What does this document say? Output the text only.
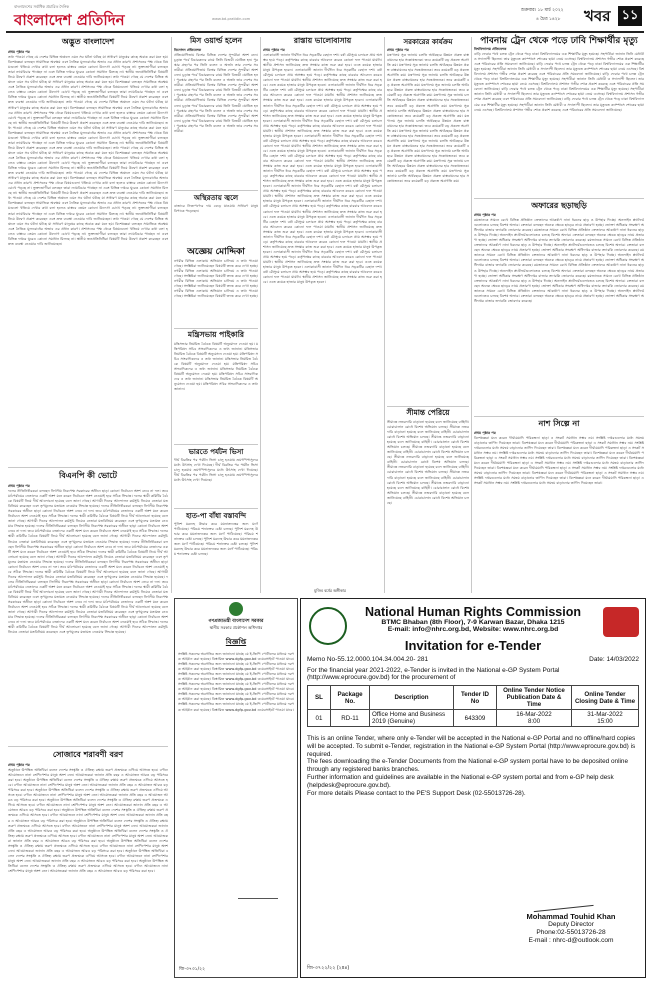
বাংলাদেশের সর্বাধিক প্রচারিত দৈনিক
বাংলাদেশ প্রতিদিন	www.bd-pratidin.com
শুক্রবার। ১৮ মার্চ ২০২২
৪ চৈত্র ১৪২৮ খবর ১১
অদ্ভুত বাংলাদেশ
প্রথম পৃষ্ঠার পর
তথ্য পাওয়া গেছে যে দেশের বিভিন্ন অঞ্চলে এমন সব ঘটনা ঘটছে যা সাধারণ মানুষের কাছে অবাক করা মনে হয়। বিশেষজ্ঞরা বলছেন সামাজিক অবক্ষয় এবং নৈতিক মূল্যবোধের অভাব এর প্রধান কারণ। প্রশাসনের পক্ষ থেকে বিষয়গুলো খতিয়ে দেখার কথা বলা হলেও বাস্তবে তেমন কোনো উদ্যোগ চোখে পড়ছে না। ভুক্তভোগীরা বলছেন তারা ন্যায়বিচার পাচ্ছেন না এবং বিভিন্ন দপ্তরে ঘুরেও কোনো সমাধান মিলছে না। স্থানীয় জনপ্রতিনিধিরা বিষয়টি নিয়ে উদ্বেগ প্রকাশ করেছেন এবং দ্রুত ব্যবস্থা নেওয়ার দাবি জানিয়েছেন। তথ্য পাওয়া গেছে যে দেশের বিভিন্ন অঞ্চলে এমন সব ঘটনা ঘটছে যা সাধারণ মানুষের কাছে অবাক করা মনে হয়। বিশেষজ্ঞরা বলছেন সামাজিক অবক্ষয় এবং নৈতিক মূল্যবোধের অভাব এর প্রধান কারণ। প্রশাসনের পক্ষ থেকে বিষয়গুলো খতিয়ে দেখার কথা বলা হলেও বাস্তবে তেমন কোনো উদ্যোগ চোখে পড়ছে না। ভুক্তভোগীরা বলছেন তারা ন্যায়বিচার পাচ্ছেন না এবং বিভিন্ন দপ্তরে ঘুরেও কোনো সমাধান মিলছে না। স্থানীয় জনপ্রতিনিধিরা বিষয়টি নিয়ে উদ্বেগ প্রকাশ করেছেন এবং দ্রুত ব্যবস্থা নেওয়ার দাবি জানিয়েছেন। তথ্য পাওয়া গেছে যে দেশের বিভিন্ন অঞ্চলে এমন সব ঘটনা ঘটছে যা সাধারণ মানুষের কাছে অবাক করা মনে হয়। বিশেষজ্ঞরা বলছেন সামাজিক অবক্ষয় এবং নৈতিক মূল্যবোধের অভাব এর প্রধান কারণ। প্রশাসনের পক্ষ থেকে বিষয়গুলো খতিয়ে দেখার কথা বলা হলেও বাস্তবে তেমন কোনো উদ্যোগ চোখে পড়ছে না। ভুক্তভোগীরা বলছেন তারা ন্যায়বিচার পাচ্ছেন না এবং বিভিন্ন দপ্তরে ঘুরেও কোনো সমাধান মিলছে না। স্থানীয় জনপ্রতিনিধিরা বিষয়টি নিয়ে উদ্বেগ প্রকাশ করেছেন এবং দ্রুত ব্যবস্থা নেওয়ার দাবি জানিয়েছেন। তথ্য পাওয়া গেছে যে দেশের বিভিন্ন অঞ্চলে এমন সব ঘটনা ঘটছে যা সাধারণ মানুষের কাছে অবাক করা মনে হয়। বিশেষজ্ঞরা বলছেন সামাজিক অবক্ষয় এবং নৈতিক মূল্যবোধের অভাব এর প্রধান কারণ। প্রশাসনের পক্ষ থেকে বিষয়গুলো খতিয়ে দেখার কথা বলা হলেও বাস্তবে তেমন কোনো উদ্যোগ চোখে পড়ছে না। ভুক্তভোগীরা বলছেন তারা ন্যায়বিচার পাচ্ছেন না এবং বিভিন্ন দপ্তরে ঘুরেও কোনো সমাধান মিলছে না। স্থানীয় জনপ্রতিনিধিরা বিষয়টি নিয়ে উদ্বেগ প্রকাশ করেছেন এবং দ্রুত ব্যবস্থা নেওয়ার দাবি জানিয়েছেন। তথ্য পাওয়া গেছে যে দেশের বিভিন্ন অঞ্চলে এমন সব ঘটনা ঘটছে যা সাধারণ মানুষের কাছে অবাক করা মনে হয়। বিশেষজ্ঞরা বলছেন সামাজিক অবক্ষয় এবং নৈতিক মূল্যবোধের অভাব এর প্রধান কারণ। প্রশাসনের পক্ষ থেকে বিষয়গুলো খতিয়ে দেখার কথা বলা হলেও বাস্তবে তেমন কোনো উদ্যোগ চোখে পড়ছে না। ভুক্তভোগীরা বলছেন তারা ন্যায়বিচার পাচ্ছেন না এবং বিভিন্ন দপ্তরে ঘুরেও কোনো সমাধান মিলছে না। স্থানীয় জনপ্রতিনিধিরা বিষয়টি নিয়ে উদ্বেগ প্রকাশ করেছেন এবং দ্রুত ব্যবস্থা নেওয়ার দাবি জানিয়েছেন। তথ্য পাওয়া গেছে যে দেশের বিভিন্ন অঞ্চলে এমন সব ঘটনা ঘটছে যা সাধারণ মানুষের কাছে অবাক করা মনে হয়। বিশেষজ্ঞরা বলছেন সামাজিক অবক্ষয় এবং নৈতিক মূল্যবোধের অভাব এর প্রধান কারণ। প্রশাসনের পক্ষ থেকে বিষয়গুলো খতিয়ে দেখার কথা বলা হলেও বাস্তবে তেমন কোনো উদ্যোগ চোখে পড়ছে না। ভুক্তভোগীরা বলছেন তারা ন্যায়বিচার পাচ্ছেন না এবং বিভিন্ন দপ্তরে ঘুরেও কোনো সমাধান মিলছে না। স্থানীয় জনপ্রতিনিধিরা বিষয়টি নিয়ে উদ্বেগ প্রকাশ করেছেন এবং দ্রুত ব্যবস্থা নেওয়ার দাবি জানিয়েছেন। তথ্য পাওয়া গেছে যে দেশের বিভিন্ন অঞ্চলে এমন সব ঘটনা ঘটছে যা সাধারণ মানুষের কাছে অবাক করা মনে হয়। বিশেষজ্ঞরা বলছেন সামাজিক অবক্ষয় এবং নৈতিক মূল্যবোধের অভাব এর প্রধান কারণ। প্রশাসনের পক্ষ থেকে বিষয়গুলো খতিয়ে দেখার কথা বলা হলেও বাস্তবে তেমন কোনো উদ্যোগ চোখে পড়ছে না। ভুক্তভোগীরা বলছেন তারা ন্যায়বিচার পাচ্ছেন না এবং বিভিন্ন দপ্তরে ঘুরেও কোনো সমাধান মিলছে না। স্থানীয় জনপ্রতিনিধিরা বিষয়টি নিয়ে উদ্বেগ প্রকাশ করেছেন এবং দ্রুত ব্যবস্থা নেওয়ার দাবি জানিয়েছেন। তথ্য পাওয়া গেছে যে দেশের বিভিন্ন অঞ্চলে এমন সব ঘটনা ঘটছে যা সাধারণ মানুষের কাছে অবাক করা মনে হয়। বিশেষজ্ঞরা বলছেন সামাজিক অবক্ষয় এবং নৈতিক মূল্যবোধের অভাব এর প্রধান কারণ। প্রশাসনের পক্ষ থেকে বিষয়গুলো খতিয়ে দেখার কথা বলা হলেও বাস্তবে তেমন কোনো উদ্যোগ চোখে পড়ছে না। ভুক্তভোগীরা বলছেন তারা ন্যায়বিচার পাচ্ছেন না এবং বিভিন্ন দপ্তরে ঘুরেও কোনো সমাধান মিলছে না। স্থানীয় জনপ্রতিনিধিরা বিষয়টি নিয়ে উদ্বেগ প্রকাশ করেছেন এবং দ্রুত ব্যবস্থা নেওয়ার দাবি জানিয়েছেন।
বিএনপি কী ভোটে
প্রথম পৃষ্ঠার পর
দলের নীতিনির্ধারকরা বলছেন নির্দলীয় নিরপেক্ষ সরকারের অধীনে ছাড়া কোনো নির্বাচনে অংশ নেবে না দল। তবে মাঠপর্যায়ের নেতাদের একটি অংশ মনে করেন নির্বাচনে অংশ নেওয়াই হবে সঠিক সিদ্ধান্ত। দলের স্থায়ী কমিটির বৈঠকে বিষয়টি নিয়ে দীর্ঘ আলোচনা হয়েছে বলে জানা গেছে। আগামী দিনের আন্দোলন কর্মসূচি নিয়েও নেতারা মতবিনিময় করেছেন এবং তৃণমূলের মতামত নেওয়ার সিদ্ধান্ত হয়েছে। দলের নীতিনির্ধারকরা বলছেন নির্দলীয় নিরপেক্ষ সরকারের অধীনে ছাড়া কোনো নির্বাচনে অংশ নেবে না দল। তবে মাঠপর্যায়ের নেতাদের একটি অংশ মনে করেন নির্বাচনে অংশ নেওয়াই হবে সঠিক সিদ্ধান্ত। দলের স্থায়ী কমিটির বৈঠকে বিষয়টি নিয়ে দীর্ঘ আলোচনা হয়েছে বলে জানা গেছে। আগামী দিনের আন্দোলন কর্মসূচি নিয়েও নেতারা মতবিনিময় করেছেন এবং তৃণমূলের মতামত নেওয়ার সিদ্ধান্ত হয়েছে। দলের নীতিনির্ধারকরা বলছেন নির্দলীয় নিরপেক্ষ সরকারের অধীনে ছাড়া কোনো নির্বাচনে অংশ নেবে না দল। তবে মাঠপর্যায়ের নেতাদের একটি অংশ মনে করেন নির্বাচনে অংশ নেওয়াই হবে সঠিক সিদ্ধান্ত। দলের স্থায়ী কমিটির বৈঠকে বিষয়টি নিয়ে দীর্ঘ আলোচনা হয়েছে বলে জানা গেছে। আগামী দিনের আন্দোলন কর্মসূচি নিয়েও নেতারা মতবিনিময় করেছেন এবং তৃণমূলের মতামত নেওয়ার সিদ্ধান্ত হয়েছে। দলের নীতিনির্ধারকরা বলছেন নির্দলীয় নিরপেক্ষ সরকারের অধীনে ছাড়া কোনো নির্বাচনে অংশ নেবে না দল। তবে মাঠপর্যায়ের নেতাদের একটি অংশ মনে করেন নির্বাচনে অংশ নেওয়াই হবে সঠিক সিদ্ধান্ত। দলের স্থায়ী কমিটির বৈঠকে বিষয়টি নিয়ে দীর্ঘ আলোচনা হয়েছে বলে জানা গেছে। আগামী দিনের আন্দোলন কর্মসূচি নিয়েও নেতারা মতবিনিময় করেছেন এবং তৃণমূলের মতামত নেওয়ার সিদ্ধান্ত হয়েছে। দলের নীতিনির্ধারকরা বলছেন নির্দলীয় নিরপেক্ষ সরকারের অধীনে ছাড়া কোনো নির্বাচনে অংশ নেবে না দল। তবে মাঠপর্যায়ের নেতাদের একটি অংশ মনে করেন নির্বাচনে অংশ নেওয়াই হবে সঠিক সিদ্ধান্ত। দলের স্থায়ী কমিটির বৈঠকে বিষয়টি নিয়ে দীর্ঘ আলোচনা হয়েছে বলে জানা গেছে। আগামী দিনের আন্দোলন কর্মসূচি নিয়েও নেতারা মতবিনিময় করেছেন এবং তৃণমূলের মতামত নেওয়ার সিদ্ধান্ত হয়েছে। দলের নীতিনির্ধারকরা বলছেন নির্দলীয় নিরপেক্ষ সরকারের অধীনে ছাড়া কোনো নির্বাচনে অংশ নেবে না দল। তবে মাঠপর্যায়ের নেতাদের একটি অংশ মনে করেন নির্বাচনে অংশ নেওয়াই হবে সঠিক সিদ্ধান্ত। দলের স্থায়ী কমিটির বৈঠকে বিষয়টি নিয়ে দীর্ঘ আলোচনা হয়েছে বলে জানা গেছে। আগামী দিনের আন্দোলন কর্মসূচি নিয়েও নেতারা মতবিনিময় করেছেন এবং তৃণমূলের মতামত নেওয়ার সিদ্ধান্ত হয়েছে। দলের নীতিনির্ধারকরা বলছেন নির্দলীয় নিরপেক্ষ সরকারের অধীনে ছাড়া কোনো নির্বাচনে অংশ নেবে না দল। তবে মাঠপর্যায়ের নেতাদের একটি অংশ মনে করেন নির্বাচনে অংশ নেওয়াই হবে সঠিক সিদ্ধান্ত। দলের স্থায়ী কমিটির বৈঠকে বিষয়টি নিয়ে দীর্ঘ আলোচনা হয়েছে বলে জানা গেছে। আগামী দিনের আন্দোলন কর্মসূচি নিয়েও নেতারা মতবিনিময় করেছেন এবং তৃণমূলের মতামত নেওয়ার সিদ্ধান্ত হয়েছে। দলের নীতিনির্ধারকরা বলছেন নির্দলীয় নিরপেক্ষ সরকারের অধীনে ছাড়া কোনো নির্বাচনে অংশ নেবে না দল। তবে মাঠপর্যায়ের নেতাদের একটি অংশ মনে করেন নির্বাচনে অংশ নেওয়াই হবে সঠিক সিদ্ধান্ত। দলের স্থায়ী কমিটির বৈঠকে বিষয়টি নিয়ে দীর্ঘ আলোচনা হয়েছে বলে জানা গেছে। আগামী দিনের আন্দোলন কর্মসূচি নিয়েও নেতারা মতবিনিময় করেছেন এবং তৃণমূলের মতামত নেওয়ার সিদ্ধান্ত হয়েছে।
সোজাবে শরাবণী বরণ
প্রথম পৃষ্ঠার পর
অনুষ্ঠানে উপস্থিত অতিথিরা বলেন দেশের সংস্কৃতি ও ঐতিহ্য রক্ষায় তরুণ প্রজন্মকে এগিয়ে আসতে হবে। বর্ণাঢ্য আয়োজনে নানা শ্রেণিপেশার মানুষ অংশ নেন। আয়োজকরা জানান প্রতি বছর এ আয়োজন আরও বড় পরিসরে করা হবে। অনুষ্ঠানে উপস্থিত অতিথিরা বলেন দেশের সংস্কৃতি ও ঐতিহ্য রক্ষায় তরুণ প্রজন্মকে এগিয়ে আসতে হবে। বর্ণাঢ্য আয়োজনে নানা শ্রেণিপেশার মানুষ অংশ নেন। আয়োজকরা জানান প্রতি বছর এ আয়োজন আরও বড় পরিসরে করা হবে। অনুষ্ঠানে উপস্থিত অতিথিরা বলেন দেশের সংস্কৃতি ও ঐতিহ্য রক্ষায় তরুণ প্রজন্মকে এগিয়ে আসতে হবে। বর্ণাঢ্য আয়োজনে নানা শ্রেণিপেশার মানুষ অংশ নেন। আয়োজকরা জানান প্রতি বছর এ আয়োজন আরও বড় পরিসরে করা হবে। অনুষ্ঠানে উপস্থিত অতিথিরা বলেন দেশের সংস্কৃতি ও ঐতিহ্য রক্ষায় তরুণ প্রজন্মকে এগিয়ে আসতে হবে। বর্ণাঢ্য আয়োজনে নানা শ্রেণিপেশার মানুষ অংশ নেন। আয়োজকরা জানান প্রতি বছর এ আয়োজন আরও বড় পরিসরে করা হবে। অনুষ্ঠানে উপস্থিত অতিথিরা বলেন দেশের সংস্কৃতি ও ঐতিহ্য রক্ষায় তরুণ প্রজন্মকে এগিয়ে আসতে হবে। বর্ণাঢ্য আয়োজনে নানা শ্রেণিপেশার মানুষ অংশ নেন। আয়োজকরা জানান প্রতি বছর এ আয়োজন আরও বড় পরিসরে করা হবে। অনুষ্ঠানে উপস্থিত অতিথিরা বলেন দেশের সংস্কৃতি ও ঐতিহ্য রক্ষায় তরুণ প্রজন্মকে এগিয়ে আসতে হবে। বর্ণাঢ্য আয়োজনে নানা শ্রেণিপেশার মানুষ অংশ নেন। আয়োজকরা জানান প্রতি বছর এ আয়োজন আরও বড় পরিসরে করা হবে। অনুষ্ঠানে উপস্থিত অতিথিরা বলেন দেশের সংস্কৃতি ও ঐতিহ্য রক্ষায় তরুণ প্রজন্মকে এগিয়ে আসতে হবে। বর্ণাঢ্য আয়োজনে নানা শ্রেণিপেশার মানুষ অংশ নেন। আয়োজকরা জানান প্রতি বছর এ আয়োজন আরও বড় পরিসরে করা হবে। অনুষ্ঠানে উপস্থিত অতিথিরা বলেন দেশের সংস্কৃতি ও ঐতিহ্য রক্ষায় তরুণ প্রজন্মকে এগিয়ে আসতে হবে। বর্ণাঢ্য আয়োজনে নানা শ্রেণিপেশার মানুষ অংশ নেন। আয়োজকরা জানান প্রতি বছর এ আয়োজন আরও বড় পরিসরে করা হবে। অনুষ্ঠানে উপস্থিত অতিথিরা বলেন দেশের সংস্কৃতি ও ঐতিহ্য রক্ষায় তরুণ প্রজন্মকে এগিয়ে আসতে হবে। বর্ণাঢ্য আয়োজনে নানা শ্রেণিপেশার মানুষ অংশ নেন। আয়োজকরা জানান প্রতি বছর এ আয়োজন আরও বড় পরিসরে করা হবে। অনুষ্ঠানে উপস্থিত অতিথিরা বলেন দেশের সংস্কৃতি ও ঐতিহ্য রক্ষায় তরুণ প্রজন্মকে এগিয়ে আসতে হবে। বর্ণাঢ্য আয়োজনে নানা শ্রেণিপেশার মানুষ অংশ নেন। আয়োজকরা জানান প্রতি বছর এ আয়োজন আরও বড় পরিসরে করা হবে।
মিস ওয়ার্ল্ড হলেন
বিনোদন প্রতিবেদক
প্রতিযোগিতায় বিশ্বের বিভিন্ন দেশের সুন্দরীরা অংশ নেন। চূড়ান্ত পর্বে বিচারকদের রায়ে তিনি বিজয়ী ঘোষিত হন। পুরস্কার গ্রহণের পর তিনি বলেন এ অর্জন তার দেশের সব নারীর। প্রতিযোগিতায় বিশ্বের বিভিন্ন দেশের সুন্দরীরা অংশ নেন। চূড়ান্ত পর্বে বিচারকদের রায়ে তিনি বিজয়ী ঘোষিত হন। পুরস্কার গ্রহণের পর তিনি বলেন এ অর্জন তার দেশের সব নারীর। প্রতিযোগিতায় বিশ্বের বিভিন্ন দেশের সুন্দরীরা অংশ নেন। চূড়ান্ত পর্বে বিচারকদের রায়ে তিনি বিজয়ী ঘোষিত হন। পুরস্কার গ্রহণের পর তিনি বলেন এ অর্জন তার দেশের সব নারীর। প্রতিযোগিতায় বিশ্বের বিভিন্ন দেশের সুন্দরীরা অংশ নেন। চূড়ান্ত পর্বে বিচারকদের রায়ে তিনি বিজয়ী ঘোষিত হন। পুরস্কার গ্রহণের পর তিনি বলেন এ অর্জন তার দেশের সব নারীর। প্রতিযোগিতায় বিশ্বের বিভিন্ন দেশের সুন্দরীরা অংশ নেন। চূড়ান্ত পর্বে বিচারকদের রায়ে তিনি বিজয়ী ঘোষিত হন। পুরস্কার গ্রহণের পর তিনি বলেন এ অর্জন তার দেশের সব নারীর।
অস্থিরতায় জ্বলে
বাজারে নিত্যপণ্যের দাম বেড়ে যাওয়ায় সাধারণ মানুষ বিপাকে পড়েছেন।
অজ্ঞেয় মোদ্দিকা
নগরীর বিভিন্ন এলাকায় অভিযান চালিয়ে এ তথ্য পাওয়া গেছে। সংশ্লিষ্টরা জানিয়েছেন বিষয়টি তদন্ত করে দেখা হচ্ছে। নগরীর বিভিন্ন এলাকায় অভিযান চালিয়ে এ তথ্য পাওয়া গেছে। সংশ্লিষ্টরা জানিয়েছেন বিষয়টি তদন্ত করে দেখা হচ্ছে। নগরীর বিভিন্ন এলাকায় অভিযান চালিয়ে এ তথ্য পাওয়া গেছে। সংশ্লিষ্টরা জানিয়েছেন বিষয়টি তদন্ত করে দেখা হচ্ছে। নগরীর বিভিন্ন এলাকায় অভিযান চালিয়ে এ তথ্য পাওয়া গেছে। সংশ্লিষ্টরা জানিয়েছেন বিষয়টি তদন্ত করে দেখা হচ্ছে।
মন্ত্রিসভায় পাইকারি
মন্ত্রিসভার নিয়মিত বৈঠকে বিষয়টি অনুমোদন দেওয়া হয়। মন্ত্রিপরিষদ সচিব সাংবাদিকদের এ তথ্য জানান। মন্ত্রিসভার নিয়মিত বৈঠকে বিষয়টি অনুমোদন দেওয়া হয়। মন্ত্রিপরিষদ সচিব সাংবাদিকদের এ তথ্য জানান। মন্ত্রিসভার নিয়মিত বৈঠকে বিষয়টি অনুমোদন দেওয়া হয়। মন্ত্রিপরিষদ সচিব সাংবাদিকদের এ তথ্য জানান। মন্ত্রিসভার নিয়মিত বৈঠকে বিষয়টি অনুমোদন দেওয়া হয়। মন্ত্রিপরিষদ সচিব সাংবাদিকদের এ তথ্য জানান। মন্ত্রিসভার নিয়মিত বৈঠকে বিষয়টি অনুমোদন দেওয়া হয়। মন্ত্রিপরিষদ সচিব সাংবাদিকদের এ তথ্য জানান।
ভারতে পর্যটন ভিসা
দীর্ঘ বিরতির পর পর্যটন ভিসা চালু হওয়ায় ভ্রমণপিপাসুদের মধ্যে উৎসাহ দেখা দিয়েছে। দীর্ঘ বিরতির পর পর্যটন ভিসা চালু হওয়ায় ভ্রমণপিপাসুদের মধ্যে উৎসাহ দেখা দিয়েছে। দীর্ঘ বিরতির পর পর্যটন ভিসা চালু হওয়ায় ভ্রমণপিপাসুদের মধ্যে উৎসাহ দেখা দিয়েছে।
হাত-পা বাঁধা বস্তাবন্দি
পুলিশ মরদেহ উদ্ধার করে ময়নাতদন্তের জন্য মর্গে পাঠিয়েছে। পরিচয় শনাক্তের চেষ্টা চলছে। পুলিশ মরদেহ উদ্ধার করে ময়নাতদন্তের জন্য মর্গে পাঠিয়েছে। পরিচয় শনাক্তের চেষ্টা চলছে। পুলিশ মরদেহ উদ্ধার করে ময়নাতদন্তের জন্য মর্গে পাঠিয়েছে। পরিচয় শনাক্তের চেষ্টা চলছে। পুলিশ মরদেহ উদ্ধার করে ময়নাতদন্তের জন্য মর্গে পাঠিয়েছে। পরিচয় শনাক্তের চেষ্টা চলছে।
রাস্তায় ভালোবাসায়
প্রথম পৃষ্ঠার পর
এলাকাবাসী জানান দীর্ঘদিন ধরে সড়কটির বেহাল দশা। বর্ষা মৌসুমে চলাচল প্রায় অসম্ভব হয়ে পড়ে। কর্তৃপক্ষের কাছে বারবার আবেদন করেও কোনো ফল পাওয়া যায়নি। স্থানীয় প্রশাসন জানিয়েছে দ্রুত সংস্কার কাজ শুরু করা হবে। এতে কয়েক হাজার মানুষ উপকৃত হবেন। এলাকাবাসী জানান দীর্ঘদিন ধরে সড়কটির বেহাল দশা। বর্ষা মৌসুমে চলাচল প্রায় অসম্ভব হয়ে পড়ে। কর্তৃপক্ষের কাছে বারবার আবেদন করেও কোনো ফল পাওয়া যায়নি। স্থানীয় প্রশাসন জানিয়েছে দ্রুত সংস্কার কাজ শুরু করা হবে। এতে কয়েক হাজার মানুষ উপকৃত হবেন। এলাকাবাসী জানান দীর্ঘদিন ধরে সড়কটির বেহাল দশা। বর্ষা মৌসুমে চলাচল প্রায় অসম্ভব হয়ে পড়ে। কর্তৃপক্ষের কাছে বারবার আবেদন করেও কোনো ফল পাওয়া যায়নি। স্থানীয় প্রশাসন জানিয়েছে দ্রুত সংস্কার কাজ শুরু করা হবে। এতে কয়েক হাজার মানুষ উপকৃত হবেন। এলাকাবাসী জানান দীর্ঘদিন ধরে সড়কটির বেহাল দশা। বর্ষা মৌসুমে চলাচল প্রায় অসম্ভব হয়ে পড়ে। কর্তৃপক্ষের কাছে বারবার আবেদন করেও কোনো ফল পাওয়া যায়নি। স্থানীয় প্রশাসন জানিয়েছে দ্রুত সংস্কার কাজ শুরু করা হবে। এতে কয়েক হাজার মানুষ উপকৃত হবেন। এলাকাবাসী জানান দীর্ঘদিন ধরে সড়কটির বেহাল দশা। বর্ষা মৌসুমে চলাচল প্রায় অসম্ভব হয়ে পড়ে। কর্তৃপক্ষের কাছে বারবার আবেদন করেও কোনো ফল পাওয়া যায়নি। স্থানীয় প্রশাসন জানিয়েছে দ্রুত সংস্কার কাজ শুরু করা হবে। এতে কয়েক হাজার মানুষ উপকৃত হবেন। এলাকাবাসী জানান দীর্ঘদিন ধরে সড়কটির বেহাল দশা। বর্ষা মৌসুমে চলাচল প্রায় অসম্ভব হয়ে পড়ে। কর্তৃপক্ষের কাছে বারবার আবেদন করেও কোনো ফল পাওয়া যায়নি। স্থানীয় প্রশাসন জানিয়েছে দ্রুত সংস্কার কাজ শুরু করা হবে। এতে কয়েক হাজার মানুষ উপকৃত হবেন। এলাকাবাসী জানান দীর্ঘদিন ধরে সড়কটির বেহাল দশা। বর্ষা মৌসুমে চলাচল প্রায় অসম্ভব হয়ে পড়ে। কর্তৃপক্ষের কাছে বারবার আবেদন করেও কোনো ফল পাওয়া যায়নি। স্থানীয় প্রশাসন জানিয়েছে দ্রুত সংস্কার কাজ শুরু করা হবে। এতে কয়েক হাজার মানুষ উপকৃত হবেন। এলাকাবাসী জানান দীর্ঘদিন ধরে সড়কটির বেহাল দশা। বর্ষা মৌসুমে চলাচল প্রায় অসম্ভব হয়ে পড়ে। কর্তৃপক্ষের কাছে বারবার আবেদন করেও কোনো ফল পাওয়া যায়নি। স্থানীয় প্রশাসন জানিয়েছে দ্রুত সংস্কার কাজ শুরু করা হবে। এতে কয়েক হাজার মানুষ উপকৃত হবেন। এলাকাবাসী জানান দীর্ঘদিন ধরে সড়কটির বেহাল দশা। বর্ষা মৌসুমে চলাচল প্রায় অসম্ভব হয়ে পড়ে। কর্তৃপক্ষের কাছে বারবার আবেদন করেও কোনো ফল পাওয়া যায়নি। স্থানীয় প্রশাসন জানিয়েছে দ্রুত সংস্কার কাজ শুরু করা হবে। এতে কয়েক হাজার মানুষ উপকৃত হবেন। এলাকাবাসী জানান দীর্ঘদিন ধরে সড়কটির বেহাল দশা। বর্ষা মৌসুমে চলাচল প্রায় অসম্ভব হয়ে পড়ে। কর্তৃপক্ষের কাছে বারবার আবেদন করেও কোনো ফল পাওয়া যায়নি। স্থানীয় প্রশাসন জানিয়েছে দ্রুত সংস্কার কাজ শুরু করা হবে। এতে কয়েক হাজার মানুষ উপকৃত হবেন। এলাকাবাসী জানান দীর্ঘদিন ধরে সড়কটির বেহাল দশা। বর্ষা মৌসুমে চলাচল প্রায় অসম্ভব হয়ে পড়ে। কর্তৃপক্ষের কাছে বারবার আবেদন করেও কোনো ফল পাওয়া যায়নি। স্থানীয় প্রশাসন জানিয়েছে দ্রুত সংস্কার কাজ শুরু করা হবে। এতে কয়েক হাজার মানুষ উপকৃত হবেন। এলাকাবাসী জানান দীর্ঘদিন ধরে সড়কটির বেহাল দশা। বর্ষা মৌসুমে চলাচল প্রায় অসম্ভব হয়ে পড়ে। কর্তৃপক্ষের কাছে বারবার আবেদন করেও কোনো ফল পাওয়া যায়নি। স্থানীয় প্রশাসন জানিয়েছে দ্রুত সংস্কার কাজ শুরু করা হবে। এতে কয়েক হাজার মানুষ উপকৃত হবেন। এলাকাবাসী জানান দীর্ঘদিন ধরে সড়কটির বেহাল দশা। বর্ষা মৌসুমে চলাচল প্রায় অসম্ভব হয়ে পড়ে। কর্তৃপক্ষের কাছে বারবার আবেদন করেও কোনো ফল পাওয়া যায়নি। স্থানীয় প্রশাসন জানিয়েছে দ্রুত সংস্কার কাজ শুরু করা হবে। এতে কয়েক হাজার মানুষ উপকৃত হবেন। এলাকাবাসী জানান দীর্ঘদিন ধরে সড়কটির বেহাল দশা। বর্ষা মৌসুমে চলাচল প্রায় অসম্ভব হয়ে পড়ে। কর্তৃপক্ষের কাছে বারবার আবেদন করেও কোনো ফল পাওয়া যায়নি। স্থানীয় প্রশাসন জানিয়েছে দ্রুত সংস্কার কাজ শুরু করা হবে। এতে কয়েক হাজার মানুষ উপকৃত হবেন।
সরকারের কার্যক্রম
প্রথম পৃষ্ঠার পর
মন্ত্রণালয় সূত্র জানায় চলতি অর্থবছরে উন্নয়ন প্রকল্প বাস্তবায়নের হার সন্তোষজনক। তবে কয়েকটি বড় প্রকল্পে অগ্রগতি কম। মন্ত্রণালয় সূত্র জানায় চলতি অর্থবছরে উন্নয়ন প্রকল্প বাস্তবায়নের হার সন্তোষজনক। তবে কয়েকটি বড় প্রকল্পে অগ্রগতি কম। মন্ত্রণালয় সূত্র জানায় চলতি অর্থবছরে উন্নয়ন প্রকল্প বাস্তবায়নের হার সন্তোষজনক। তবে কয়েকটি বড় প্রকল্পে অগ্রগতি কম। মন্ত্রণালয় সূত্র জানায় চলতি অর্থবছরে উন্নয়ন প্রকল্প বাস্তবায়নের হার সন্তোষজনক। তবে কয়েকটি বড় প্রকল্পে অগ্রগতি কম। মন্ত্রণালয় সূত্র জানায় চলতি অর্থবছরে উন্নয়ন প্রকল্প বাস্তবায়নের হার সন্তোষজনক। তবে কয়েকটি বড় প্রকল্পে অগ্রগতি কম। মন্ত্রণালয় সূত্র জানায় চলতি অর্থবছরে উন্নয়ন প্রকল্প বাস্তবায়নের হার সন্তোষজনক। তবে কয়েকটি বড় প্রকল্পে অগ্রগতি কম। মন্ত্রণালয় সূত্র জানায় চলতি অর্থবছরে উন্নয়ন প্রকল্প বাস্তবায়নের হার সন্তোষজনক। তবে কয়েকটি বড় প্রকল্পে অগ্রগতি কম। মন্ত্রণালয় সূত্র জানায় চলতি অর্থবছরে উন্নয়ন প্রকল্প বাস্তবায়নের হার সন্তোষজনক। তবে কয়েকটি বড় প্রকল্পে অগ্রগতি কম। মন্ত্রণালয় সূত্র জানায় চলতি অর্থবছরে উন্নয়ন প্রকল্প বাস্তবায়নের হার সন্তোষজনক। তবে কয়েকটি বড় প্রকল্পে অগ্রগতি কম। মন্ত্রণালয় সূত্র জানায় চলতি অর্থবছরে উন্নয়ন প্রকল্প বাস্তবায়নের হার সন্তোষজনক। তবে কয়েকটি বড় প্রকল্পে অগ্রগতি কম। মন্ত্রণালয় সূত্র জানায় চলতি অর্থবছরে উন্নয়ন প্রকল্প বাস্তবায়নের হার সন্তোষজনক। তবে কয়েকটি বড় প্রকল্পে অগ্রগতি কম। মন্ত্রণালয় সূত্র জানায় চলতি অর্থবছরে উন্নয়ন প্রকল্প বাস্তবায়নের হার সন্তোষজনক। তবে কয়েকটি বড় প্রকল্পে অগ্রগতি কম।
সীমান্ত পেরিয়ে
সীমান্তে নজরদারি বাড়ানো হয়েছে বলে জানিয়েছে বাহিনী। চোরাচালান রোধে বিশেষ অভিযান চলছে। সীমান্তে নজরদারি বাড়ানো হয়েছে বলে জানিয়েছে বাহিনী। চোরাচালান রোধে বিশেষ অভিযান চলছে। সীমান্তে নজরদারি বাড়ানো হয়েছে বলে জানিয়েছে বাহিনী। চোরাচালান রোধে বিশেষ অভিযান চলছে। সীমান্তে নজরদারি বাড়ানো হয়েছে বলে জানিয়েছে বাহিনী। চোরাচালান রোধে বিশেষ অভিযান চলছে। সীমান্তে নজরদারি বাড়ানো হয়েছে বলে জানিয়েছে বাহিনী। চোরাচালান রোধে বিশেষ অভিযান চলছে। সীমান্তে নজরদারি বাড়ানো হয়েছে বলে জানিয়েছে বাহিনী। চোরাচালান রোধে বিশেষ অভিযান চলছে। সীমান্তে নজরদারি বাড়ানো হয়েছে বলে জানিয়েছে বাহিনী। চোরাচালান রোধে বিশেষ অভিযান চলছে। সীমান্তে নজরদারি বাড়ানো হয়েছে বলে জানিয়েছে বাহিনী। চোরাচালান রোধে বিশেষ অভিযান চলছে। সীমান্তে নজরদারি বাড়ানো হয়েছে বলে জানিয়েছে বাহিনী। চোরাচালান রোধে বিশেষ অভিযান চলছে।
পাবনায় ট্রেন থেকে পড়ে ঢাবি শিক্ষার্থীর মৃত্যু
বিশ্ববিদ্যালয় প্রতিবেদক
বাড়ি ফেরার পথে চলন্ত ট্রেন থেকে পড়ে ঢাকা বিশ্ববিদ্যালয়ের এক শিক্ষার্থীর মৃত্যু হয়েছে। সহপাঠীরা জানান তিনি মেধাবী ও সদালাপী ছিলেন। তার মৃত্যুতে ক্যাম্পাসে শোকের ছায়া নেমে এসেছে। বিশ্ববিদ্যালয় প্রশাসন গভীর শোক প্রকাশ করেছে এবং পরিবারের প্রতি সমবেদনা জানিয়েছে। বাড়ি ফেরার পথে চলন্ত ট্রেন থেকে পড়ে ঢাকা বিশ্ববিদ্যালয়ের এক শিক্ষার্থীর মৃত্যু হয়েছে। সহপাঠীরা জানান তিনি মেধাবী ও সদালাপী ছিলেন। তার মৃত্যুতে ক্যাম্পাসে শোকের ছায়া নেমে এসেছে। বিশ্ববিদ্যালয় প্রশাসন গভীর শোক প্রকাশ করেছে এবং পরিবারের প্রতি সমবেদনা জানিয়েছে। বাড়ি ফেরার পথে চলন্ত ট্রেন থেকে পড়ে ঢাকা বিশ্ববিদ্যালয়ের এক শিক্ষার্থীর মৃত্যু হয়েছে। সহপাঠীরা জানান তিনি মেধাবী ও সদালাপী ছিলেন। তার মৃত্যুতে ক্যাম্পাসে শোকের ছায়া নেমে এসেছে। বিশ্ববিদ্যালয় প্রশাসন গভীর শোক প্রকাশ করেছে এবং পরিবারের প্রতি সমবেদনা জানিয়েছে। বাড়ি ফেরার পথে চলন্ত ট্রেন থেকে পড়ে ঢাকা বিশ্ববিদ্যালয়ের এক শিক্ষার্থীর মৃত্যু হয়েছে। সহপাঠীরা জানান তিনি মেধাবী ও সদালাপী ছিলেন। তার মৃত্যুতে ক্যাম্পাসে শোকের ছায়া নেমে এসেছে। বিশ্ববিদ্যালয় প্রশাসন গভীর শোক প্রকাশ করেছে এবং পরিবারের প্রতি সমবেদনা জানিয়েছে। বাড়ি ফেরার পথে চলন্ত ট্রেন থেকে পড়ে ঢাকা বিশ্ববিদ্যালয়ের এক শিক্ষার্থীর মৃত্যু হয়েছে। সহপাঠীরা জানান তিনি মেধাবী ও সদালাপী ছিলেন। তার মৃত্যুতে ক্যাম্পাসে শোকের ছায়া নেমে এসেছে। বিশ্ববিদ্যালয় প্রশাসন গভীর শোক প্রকাশ করেছে এবং পরিবারের প্রতি সমবেদনা জানিয়েছে।
অফারের ছড়াছড়ি
প্রথম পৃষ্ঠার পর
রমজানকে সামনে রেখে বিভিন্ন প্রতিষ্ঠান ক্রেতাদের আকর্ষণে নানা ধরনের ছাড় ও উপহার দিচ্ছে। অনলাইন প্ল্যাটফর্মগুলোতেও চলছে বিশেষ অফার। ক্রেতারা বলছেন অনেক ক্ষেত্রে ছাড়ের নামে প্রতারণা হচ্ছে। ভোক্তা অধিকার সংরক্ষণ অধিদপ্তর বাজার তদারকি জোরদার করেছে। রমজানকে সামনে রেখে বিভিন্ন প্রতিষ্ঠান ক্রেতাদের আকর্ষণে নানা ধরনের ছাড় ও উপহার দিচ্ছে। অনলাইন প্ল্যাটফর্মগুলোতেও চলছে বিশেষ অফার। ক্রেতারা বলছেন অনেক ক্ষেত্রে ছাড়ের নামে প্রতারণা হচ্ছে। ভোক্তা অধিকার সংরক্ষণ অধিদপ্তর বাজার তদারকি জোরদার করেছে। রমজানকে সামনে রেখে বিভিন্ন প্রতিষ্ঠান ক্রেতাদের আকর্ষণে নানা ধরনের ছাড় ও উপহার দিচ্ছে। অনলাইন প্ল্যাটফর্মগুলোতেও চলছে বিশেষ অফার। ক্রেতারা বলছেন অনেক ক্ষেত্রে ছাড়ের নামে প্রতারণা হচ্ছে। ভোক্তা অধিকার সংরক্ষণ অধিদপ্তর বাজার তদারকি জোরদার করেছে। রমজানকে সামনে রেখে বিভিন্ন প্রতিষ্ঠান ক্রেতাদের আকর্ষণে নানা ধরনের ছাড় ও উপহার দিচ্ছে। অনলাইন প্ল্যাটফর্মগুলোতেও চলছে বিশেষ অফার। ক্রেতারা বলছেন অনেক ক্ষেত্রে ছাড়ের নামে প্রতারণা হচ্ছে। ভোক্তা অধিকার সংরক্ষণ অধিদপ্তর বাজার তদারকি জোরদার করেছে। রমজানকে সামনে রেখে বিভিন্ন প্রতিষ্ঠান ক্রেতাদের আকর্ষণে নানা ধরনের ছাড় ও উপহার দিচ্ছে। অনলাইন প্ল্যাটফর্মগুলোতেও চলছে বিশেষ অফার। ক্রেতারা বলছেন অনেক ক্ষেত্রে ছাড়ের নামে প্রতারণা হচ্ছে। ভোক্তা অধিকার সংরক্ষণ অধিদপ্তর বাজার তদারকি জোরদার করেছে। রমজানকে সামনে রেখে বিভিন্ন প্রতিষ্ঠান ক্রেতাদের আকর্ষণে নানা ধরনের ছাড় ও উপহার দিচ্ছে। অনলাইন প্ল্যাটফর্মগুলোতেও চলছে বিশেষ অফার। ক্রেতারা বলছেন অনেক ক্ষেত্রে ছাড়ের নামে প্রতারণা হচ্ছে। ভোক্তা অধিকার সংরক্ষণ অধিদপ্তর বাজার তদারকি জোরদার করেছে। রমজানকে সামনে রেখে বিভিন্ন প্রতিষ্ঠান ক্রেতাদের আকর্ষণে নানা ধরনের ছাড় ও উপহার দিচ্ছে। অনলাইন প্ল্যাটফর্মগুলোতেও চলছে বিশেষ অফার। ক্রেতারা বলছেন অনেক ক্ষেত্রে ছাড়ের নামে প্রতারণা হচ্ছে। ভোক্তা অধিকার সংরক্ষণ অধিদপ্তর বাজার তদারকি জোরদার করেছে।
নাশ সিল্পে না
প্রথম পৃষ্ঠার পর
বিশেষজ্ঞরা মনে করেন দীর্ঘমেয়াদি পরিকল্পনা ছাড়া এ সংকট সমাধান সম্ভব নয়। সংশ্লিষ্ট দপ্তরগুলোর মধ্যে সমন্বয় বাড়ানোর তাগিদ দিয়েছেন তারা। বিশেষজ্ঞরা মনে করেন দীর্ঘমেয়াদি পরিকল্পনা ছাড়া এ সংকট সমাধান সম্ভব নয়। সংশ্লিষ্ট দপ্তরগুলোর মধ্যে সমন্বয় বাড়ানোর তাগিদ দিয়েছেন তারা। বিশেষজ্ঞরা মনে করেন দীর্ঘমেয়াদি পরিকল্পনা ছাড়া এ সংকট সমাধান সম্ভব নয়। সংশ্লিষ্ট দপ্তরগুলোর মধ্যে সমন্বয় বাড়ানোর তাগিদ দিয়েছেন তারা। বিশেষজ্ঞরা মনে করেন দীর্ঘমেয়াদি পরিকল্পনা ছাড়া এ সংকট সমাধান সম্ভব নয়। সংশ্লিষ্ট দপ্তরগুলোর মধ্যে সমন্বয় বাড়ানোর তাগিদ দিয়েছেন তারা। বিশেষজ্ঞরা মনে করেন দীর্ঘমেয়াদি পরিকল্পনা ছাড়া এ সংকট সমাধান সম্ভব নয়। সংশ্লিষ্ট দপ্তরগুলোর মধ্যে সমন্বয় বাড়ানোর তাগিদ দিয়েছেন তারা। বিশেষজ্ঞরা মনে করেন দীর্ঘমেয়াদি পরিকল্পনা ছাড়া এ সংকট সমাধান সম্ভব নয়। সংশ্লিষ্ট দপ্তরগুলোর মধ্যে সমন্বয় বাড়ানোর তাগিদ দিয়েছেন তারা। বিশেষজ্ঞরা মনে করেন দীর্ঘমেয়াদি পরিকল্পনা ছাড়া এ সংকট সমাধান সম্ভব নয়। সংশ্লিষ্ট দপ্তরগুলোর মধ্যে সমন্বয় বাড়ানোর তাগিদ দিয়েছেন তারা। বিশেষজ্ঞরা মনে করেন দীর্ঘমেয়াদি পরিকল্পনা ছাড়া এ সংকট সমাধান সম্ভব নয়। সংশ্লিষ্ট দপ্তরগুলোর মধ্যে সমন্বয় বাড়ানোর তাগিদ দিয়েছেন তারা।
গণপ্রজাতন্ত্রী বাংলাদেশ সরকার
স্থানীয় সরকার প্রকৌশল অধিদপ্তর
বিজ্ঞপ্তি
সংশ্লিষ্ট সকলের অবগতির জন্য জানানো যাচ্ছে যে ই-জিপি পোর্টালের মাধ্যমে দরপত্র আহ্বান করা হয়েছে। বিস্তারিত www.dgfp.gov.bd ওয়েবসাইটে পাওয়া যাবে। সংশ্লিষ্ট সকলের অবগতির জন্য জানানো যাচ্ছে যে ই-জিপি পোর্টালের মাধ্যমে দরপত্র আহ্বান করা হয়েছে। বিস্তারিত www.dgfp.gov.bd ওয়েবসাইটে পাওয়া যাবে। সংশ্লিষ্ট সকলের অবগতির জন্য জানানো যাচ্ছে যে ই-জিপি পোর্টালের মাধ্যমে দরপত্র আহ্বান করা হয়েছে। বিস্তারিত www.dgfp.gov.bd ওয়েবসাইটে পাওয়া যাবে। সংশ্লিষ্ট সকলের অবগতির জন্য জানানো যাচ্ছে যে ই-জিপি পোর্টালের মাধ্যমে দরপত্র আহ্বান করা হয়েছে। বিস্তারিত www.dgfp.gov.bd ওয়েবসাইটে পাওয়া যাবে। সংশ্লিষ্ট সকলের অবগতির জন্য জানানো যাচ্ছে যে ই-জিপি পোর্টালের মাধ্যমে দরপত্র আহ্বান করা হয়েছে। বিস্তারিত www.dgfp.gov.bd ওয়েবসাইটে পাওয়া যাবে। সংশ্লিষ্ট সকলের অবগতির জন্য জানানো যাচ্ছে যে ই-জিপি পোর্টালের মাধ্যমে দরপত্র আহ্বান করা হয়েছে। বিস্তারিত www.dgfp.gov.bd ওয়েবসাইটে পাওয়া যাবে।
জি-৩৭৩১/২২
National Human Rights Commission
BTMC Bhaban (8th Floor), 7-9 Karwan Bazar, Dhaka 1215
E-mail: info@nhrc.org.bd, Website: www.nhrc.org.bd
Invitation for e-Tender
Memo No-55.12.0000.104.34.004.20- 281	Date: 14/03/2022
For the financial year 2021-2022, e-Tender is invited in the National e-GP System Portal (http://www.eprocure.gov.bd) for the procurement of
SL	Package No.	Description	Tender ID No	Online Tender Notice Publication Date & Time	Online Tender Closing Date & Time
01	RD-11	Office Home and Business 2019 (Genuine)	643309	16-Mar-2022
8:00	31-Mar-2022
15:00
This is an online Tender, where only e-Tender will be accepted in the National e-GP Portal and no offline/hard copies will be accepted. To submit e-Tender, registration in the National e-GP System Portal (http://www.eprocure.gov.bd) is required.
The fees downloading the e-Tender Documents from the National e-GP system portal have to be deposited online through any registered banks branches.
Further information and guidelines are available in the National e-GP system portal and from e-GP help desk (helpdesk@eprocure.gov.bd).
For more details Please contact to the PE'S Support Desk (02-55013726-28).
Mohammad Touhid Khan
Deputy Director
Phone:02-55013726-28
E-mail : nhrc-d@outlook.com
জি-৩৭২২/২২ (২x৪)
মুজিব বর্ষের অঙ্গীকার
